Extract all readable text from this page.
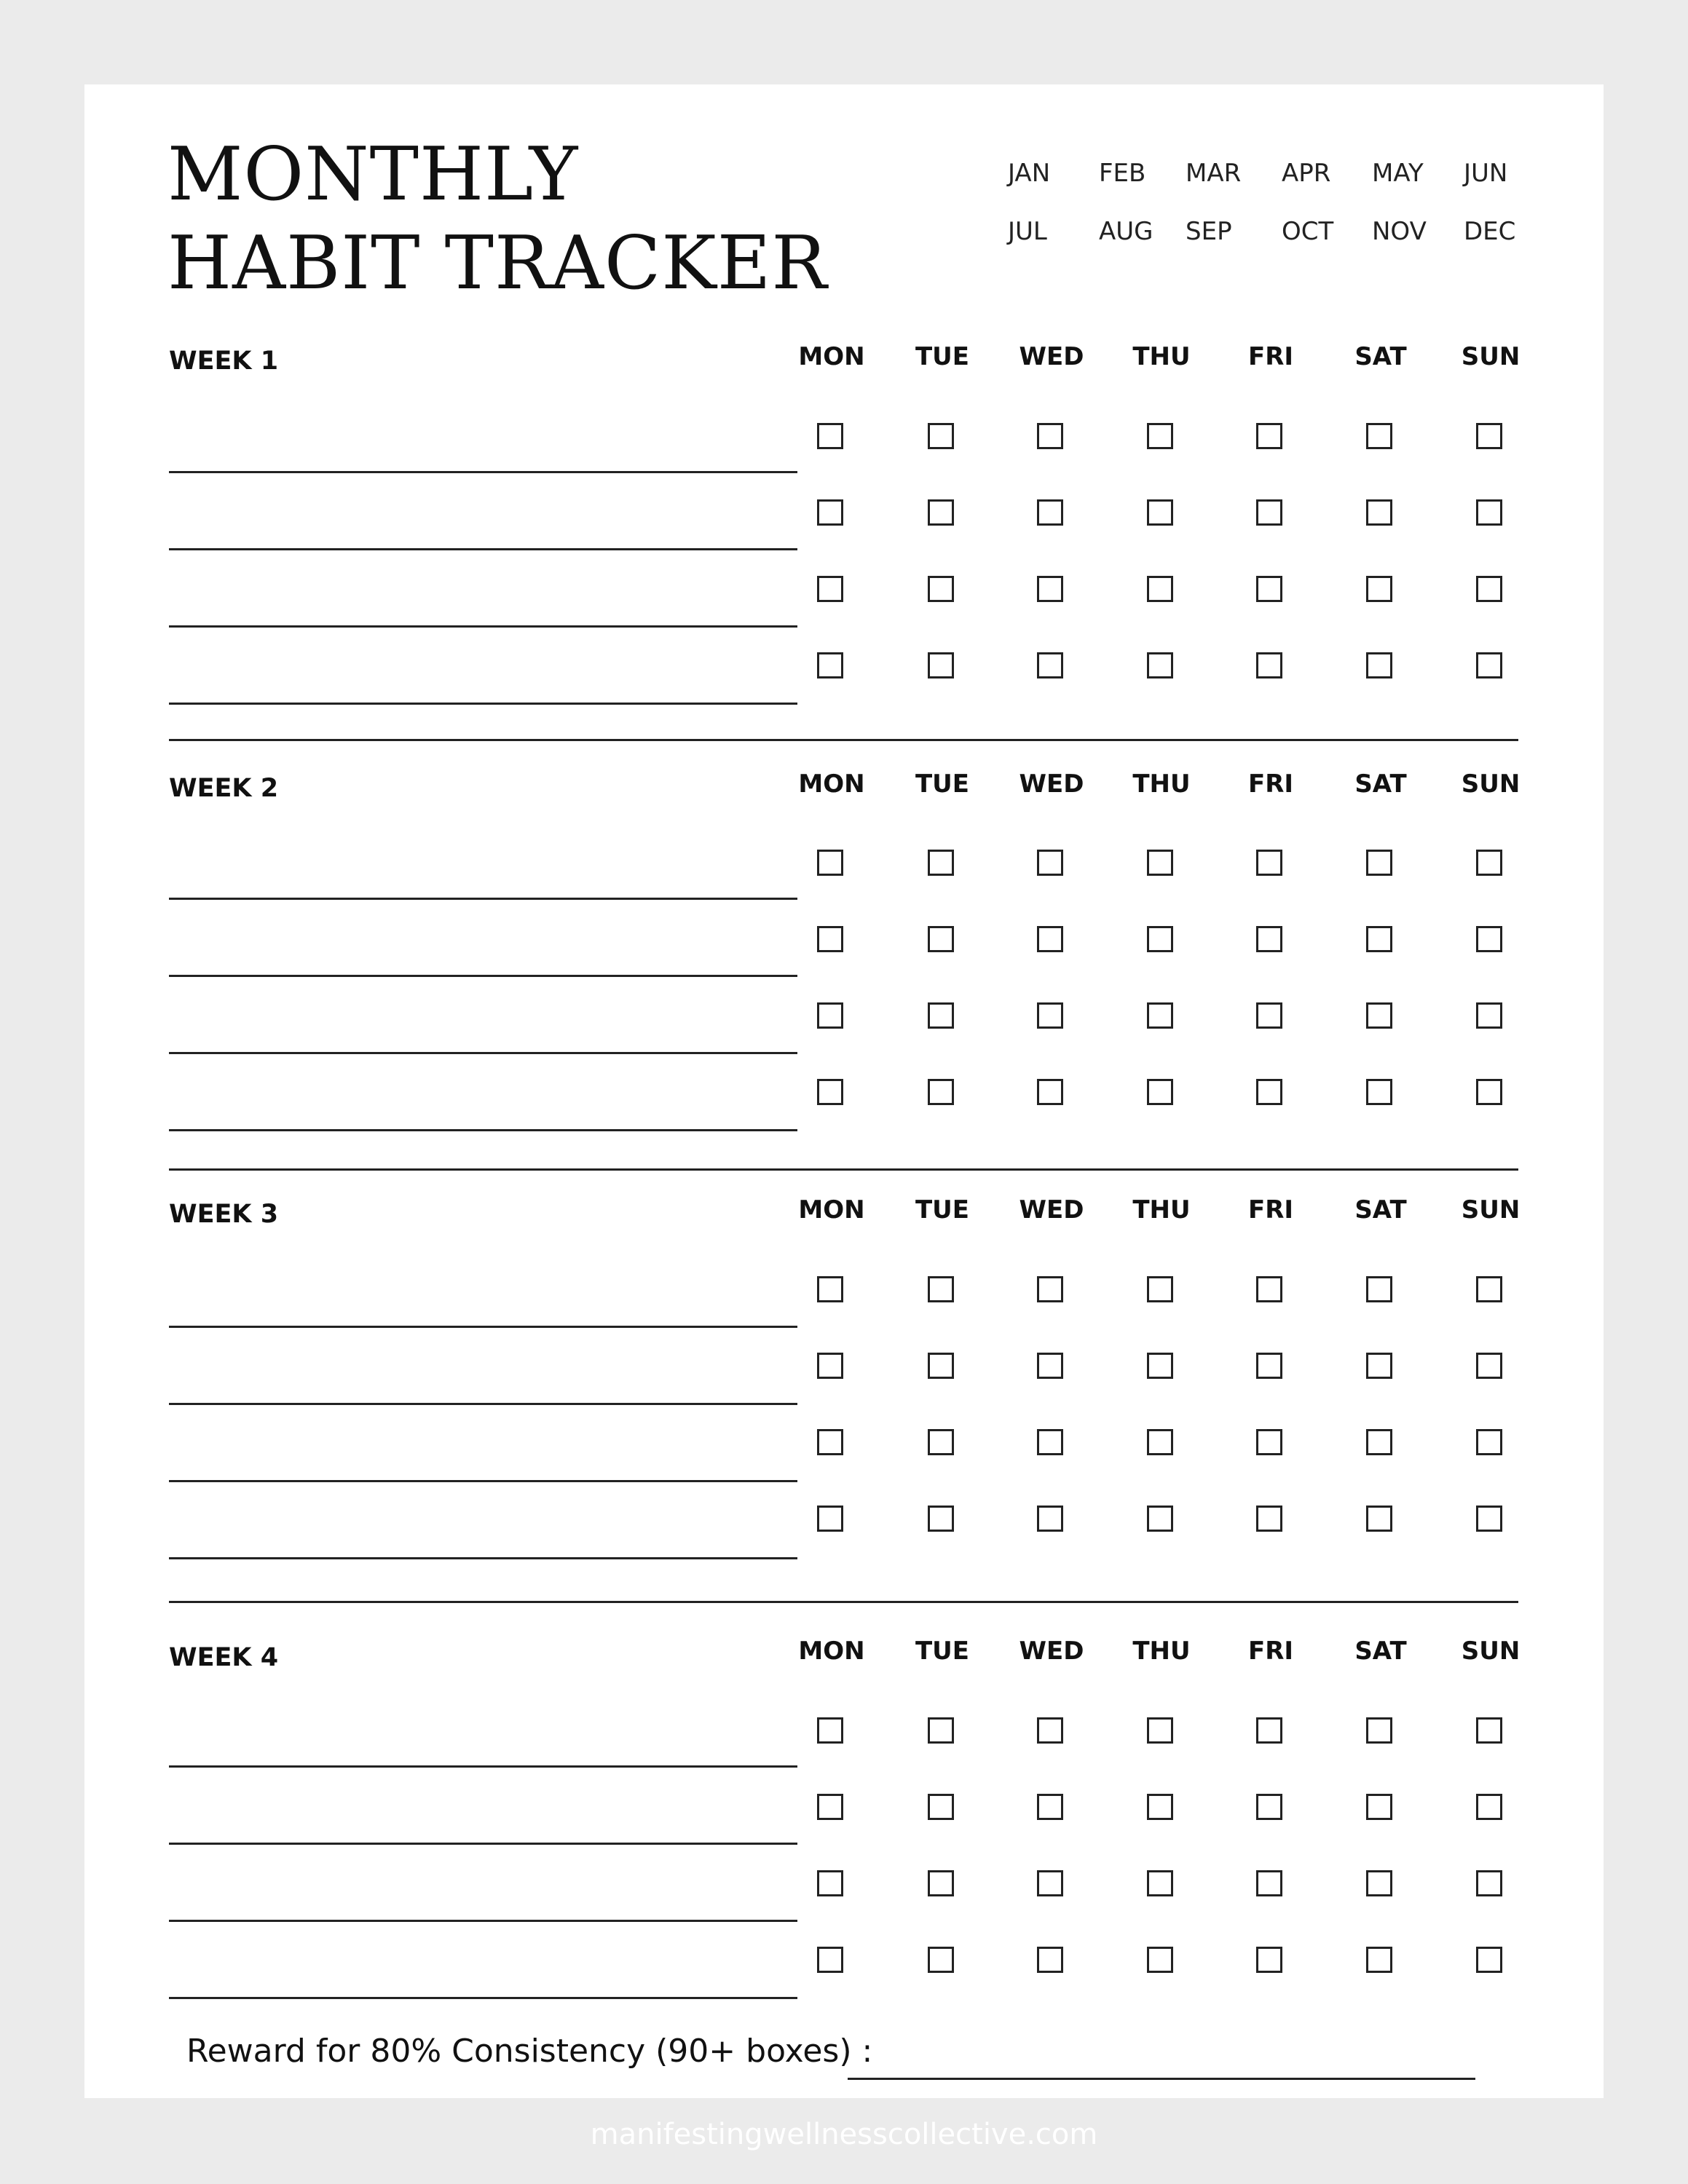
MONTHLY
HABIT TRACKER
JAN FEB MAR APR MAY JUN
JUL AUG SEP OCT NOV DEC
WEEK 1	MON	TUE	WED	THU	FRI	SAT	SUN
WEEK 2	MON	TUE	WED	THU	FRI	SAT	SUN
WEEK 3	MON	TUE	WED	THU	FRI	SAT	SUN
WEEK 4	MON	TUE	WED	THU	FRI	SAT	SUN
Reward for 80% Consistency (90+ boxes) :
manifestingwellnesscollective.com
